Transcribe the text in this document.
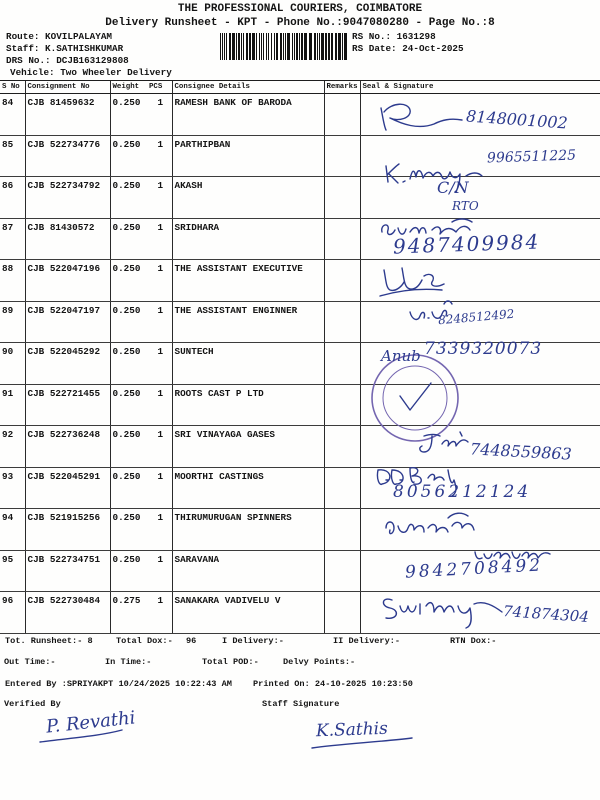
THE PROFESSIONAL COURIERS, COIMBATORE
Delivery Runsheet - KPT - Phone No.:9047080280 - Page No.:8
Route: KOVILPALAYAM
Staff: K.SATHISHKUMAR
DRS No.: DCJB163129808
Vehicle: Two Wheeler Delivery
RS No.: 1631298
RS Date: 24-Oct-2025
S No	Consignment No	Weight	PCS	Consignee Details	Remarks	Seal & Signature
84	CJB 81459632	0.250	1	RAMESH BANK OF BARODA		
85	CJB 522734776	0.250	1	PARTHIPBAN		
86	CJB 522734792	0.250	1	AKASH		
87	CJB 81430572	0.250	1	SRIDHARA		
88	CJB 522047196	0.250	1	THE ASSISTANT EXECUTIVE		
89	CJB 522047197	0.250	1	THE ASSISTANT ENGINNER		
90	CJB 522045292	0.250	1	SUNTECH		
91	CJB 522721455	0.250	1	ROOTS CAST P LTD		
92	CJB 522736248	0.250	1	SRI VINAYAGA GASES		
93	CJB 522045291	0.250	1	MOORTHI CASTINGS		
94	CJB 521915256	0.250	1	THIRUMURUGAN SPINNERS		
95	CJB 522734751	0.250	1	SARAVANA		
96	CJB 522730484	0.275	1	SANAKARA VADIVELU V		
8148001002
9965511225
C/N
RTO
9487409984
8248512492
Anub 7339320073
7448559863
8056212124
9842708492
741874304
Tot. Runsheet:- 8	Total Dox:- 96	I Delivery:-	II Delivery:-	RTN Dox:-
Out Time:-	In Time:-	Total POD:-	Delvy Points:-
Entered By :SPRIYAKPT 10/24/2025 10:22:43 AM Printed On: 24-10-2025 10:23:50
Verified By	Staff Signature
P. Revathi	K.Sathis
